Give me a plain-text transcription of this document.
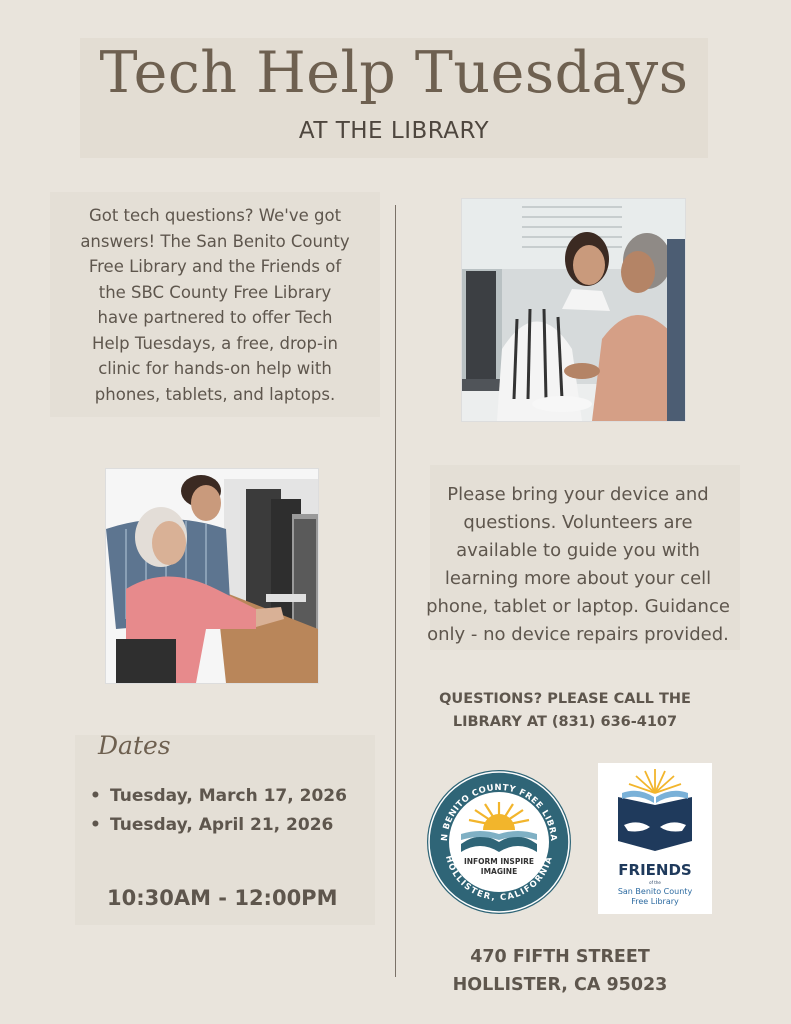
Tech Help Tuesdays
AT THE LIBRARY
Got tech questions? We've got
answers! The San Benito County
Free Library and the Friends of
the SBC County Free Library
have partnered to offer Tech
Help Tuesdays, a free, drop-in
clinic for hands-on help with
phones, tablets, and laptops.
Please bring your device and
questions. Volunteers are
available to guide you with
learning more about your cell
phone, tablet or laptop. Guidance
only - no device repairs provided.
QUESTIONS? PLEASE CALL THE
LIBRARY AT (831) 636-4107
Dates
• Tuesday, March 17, 2026
• Tuesday, April 21, 2026
10:30AM - 12:00PM
N BENITO COUNTY FREE LIBRA
HOLLISTER, CALIFORNIA
INFORM INSPIRE
IMAGINE	FRIENDS
of the
San Benito County
Free Library
470 FIFTH STREET
HOLLISTER, CA 95023
